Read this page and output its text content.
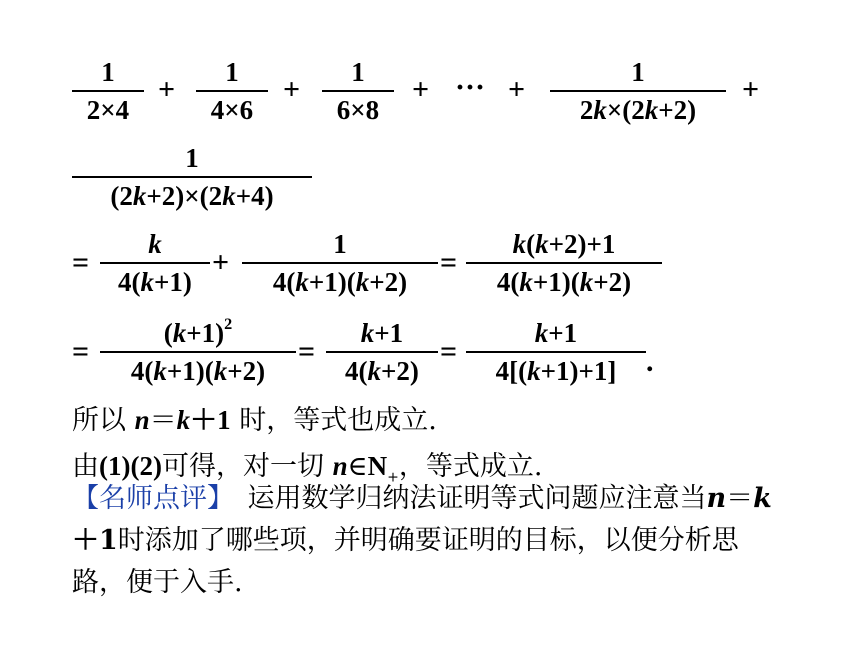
1
2×4
+
1
4×6
+
1
6×8
+ ··· +
1
2k×(2k+2)
+
1
(2k+2)×(2k+4)
=
k
4(k+1)
+
1
4(k+1)(k+2)
=
k(k+2)+1
4(k+1)(k+2)
=
$(k+1)^2$
4(k+1)(k+2)
=
k+1
4(k+2)
=
k+1
4[(k+1)+1] .
所以 n＝k＋1 时，等式也成立.
由(1)(2)可得，对一切 $n\in N_+$，等式成立.
【名师点评】　运用数学归纳法证明等式问题应注意当n＝k＋1时添加了哪些项，并明确要证明的目标，以便分析思路，便于入手.
